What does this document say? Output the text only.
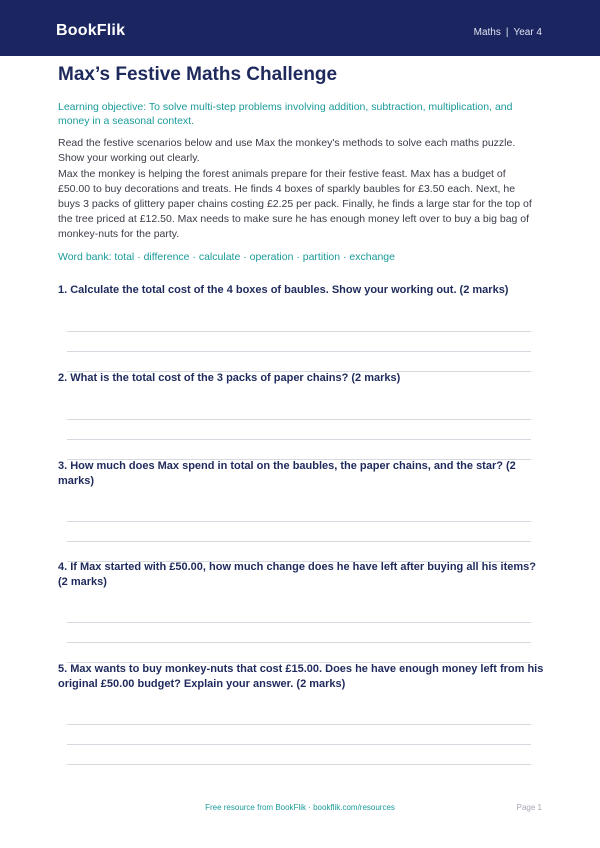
BookFlik	Maths | Year 4
Max’s Festive Maths Challenge
Learning objective: To solve multi-step problems involving addition, subtraction, multiplication, and money in a seasonal context.
Read the festive scenarios below and use Max the monkey's methods to solve each maths puzzle. Show your working out clearly.
Max the monkey is helping the forest animals prepare for their festive feast. Max has a budget of £50.00 to buy decorations and treats. He finds 4 boxes of sparkly baubles for £3.50 each. Next, he buys 3 packs of glittery paper chains costing £2.25 per pack. Finally, he finds a large star for the top of the tree priced at £12.50. Max needs to make sure he has enough money left over to buy a big bag of monkey-nuts for the party.
Word bank: total · difference · calculate · operation · partition · exchange
1. Calculate the total cost of the 4 boxes of baubles. Show your working out. (2 marks)
2. What is the total cost of the 3 packs of paper chains? (2 marks)
3. How much does Max spend in total on the baubles, the paper chains, and the star? (2 marks)
4. If Max started with £50.00, how much change does he have left after buying all his items? (2 marks)
5. Max wants to buy monkey-nuts that cost £15.00. Does he have enough money left from his original £50.00 budget? Explain your answer. (2 marks)
Free resource from BookFlik · bookflik.com/resources	Page 1
